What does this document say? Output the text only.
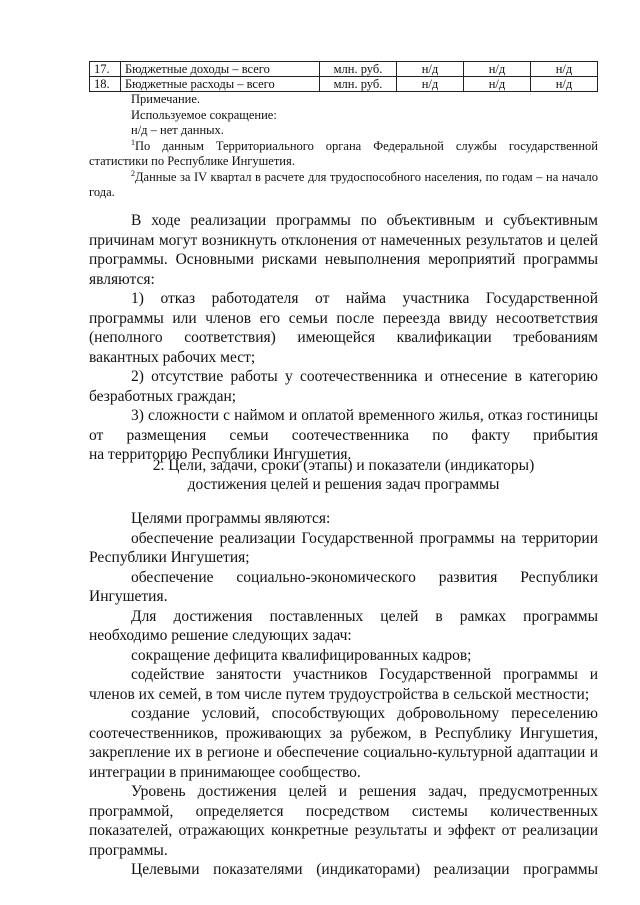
17.	Бюджетные доходы – всего	млн. руб.	н/д	н/д	н/д
18.	Бюджетные расходы – всего	млн. руб.	н/д	н/д	н/д
Примечание.
Используемое сокращение:
н/д – нет данных.
$^1$По данным Территориального органа Федеральной службы государственной статистики по Республике Ингушетия.
$^2$Данные за IV квартал в расчете для трудоспособного населения, по годам – на начало года.

В ходе реализации программы по объективным и субъективным причинам могут возникнуть отклонения от намеченных результатов и целей программы. Основными рисками невыполнения мероприятий программы являются:

1) отказ работодателя от найма участника Государственной программы или членов его семьи после переезда ввиду несоответствия (неполного соответствия) имеющейся квалификации требованиям вакантных рабочих мест;

2) отсутствие работы у соотечественника и отнесение в категорию безработных граждан;

3) сложности с наймом и оплатой временного жилья, отказ гостиницы от размещения семьи соотечественника по факту прибытия

на территорию Республики Ингушетия.

2. Цели, задачи, сроки (этапы) и показатели (индикаторы)
достижения целей и решения задач программы

Целями программы являются:

обеспечение реализации Государственной программы на территории Республики Ингушетия;

обеспечение социально-экономического развития Республики Ингушетия.

Для достижения поставленных целей в рамках программы необходимо решение следующих задач:

сокращение дефицита квалифицированных кадров;

содействие занятости участников Государственной программы и членов их семей, в том числе путем трудоустройства в сельской местности;

создание условий, способствующих добровольному переселению соотечественников, проживающих за рубежом, в Республику Ингушетия, закрепление их в регионе и обеспечение социально-культурной адаптации и интеграции в принимающее сообщество.

Уровень достижения целей и решения задач, предусмотренных программой, определяется посредством системы количественных показателей, отражающих конкретные результаты и эффект от реализации программы.

Целевыми показателями (индикаторами) реализации программы
